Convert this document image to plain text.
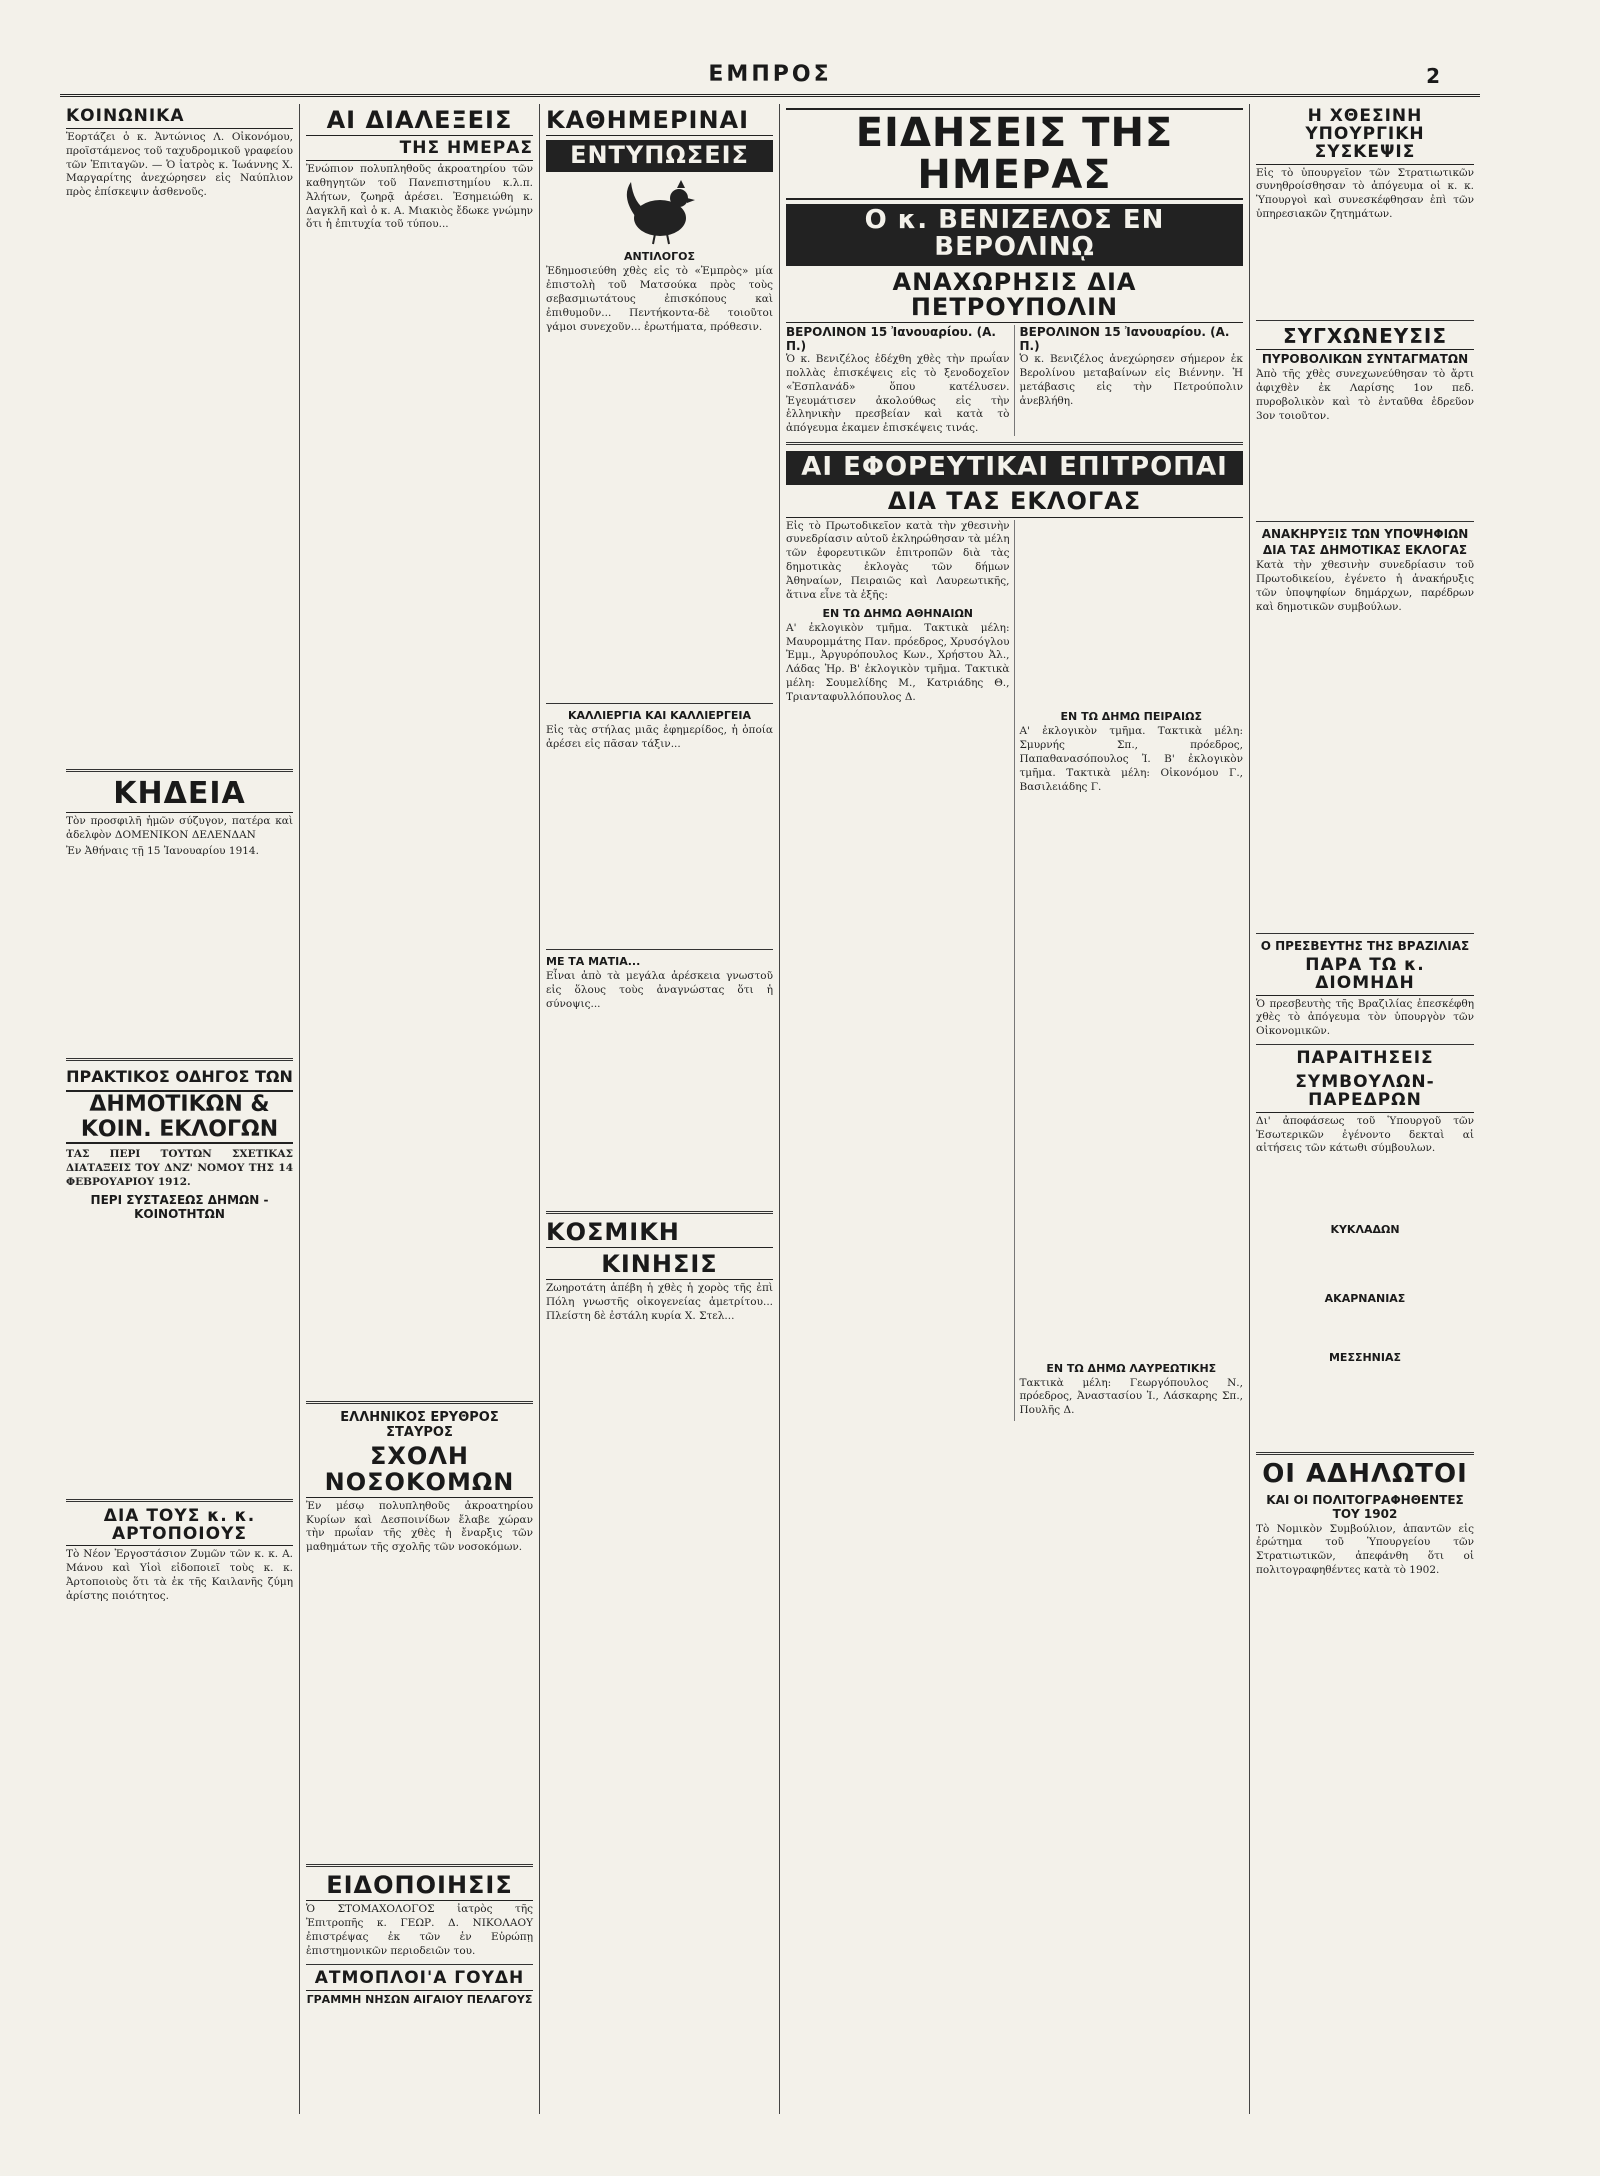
ΕΜΠΡΟΣ	2
ΚΟΙΝΩΝΙΚΑ

Ἑορτάζει ὁ κ. Ἀντώνιος Λ. Οἰκονόμου, προϊστάμενος τοῦ ταχυδρομικοῦ γραφείου τῶν Ἐπιταγῶν. — Ὁ ἰατρὸς κ. Ἰωάννης Χ. Μαργαρίτης ἀνεχώρησεν εἰς Ναύπλιον πρὸς ἐπίσκεψιν ἀσθενοῦς.

ΚΗΔΕΙΑ

Τὸν προσφιλῆ ἡμῶν σύζυγον, πατέρα καὶ ἀδελφὸν ΔΟΜΕΝΙΚΟΝ ΔΕΛΕΝΔΑΝ

Ἐν Ἀθήναις τῇ 15 Ἰανουαρίου 1914.

ΠΡΑΚΤΙΚΟΣ ΟΔΗΓΟΣ ΤΩΝ
ΔΗΜΟΤΙΚΩΝ & ΚΟΙΝ. ΕΚΛΟΓΩΝ

ΤΑΣ ΠΕΡΙ ΤΟΥΤΩΝ ΣΧΕΤΙΚΑΣ ΔΙΑΤΑΞΕΙΣ ΤΟΥ ΔΝΖ' ΝΟΜΟΥ ΤΗΣ 14 ΦΕΒΡΟΥΑΡΙΟΥ 1912.

ΠΕΡΙ ΣΥΣΤΑΣΕΩΣ ΔΗΜΩΝ - ΚΟΙΝΟΤΗΤΩΝ

ΔΙΑ ΤΟΥΣ κ. κ. ΑΡΤΟΠΟΙΟΥΣ

Τὸ Νέον Ἐργοστάσιον Ζυμῶν τῶν κ. κ. Α. Μάνου καὶ Υἱοὶ εἰδοποιεῖ τοὺς κ. κ. Ἀρτοποιοὺς ὅτι τὰ ἐκ τῆς Καιλανῆς ζύμη ἀρίστης ποιότητος.

ΑΙ ΔΙΑΛΕΞΕΙΣ
ΤΗΣ ΗΜΕΡΑΣ

Ἐνώπιον πολυπληθοῦς ἀκροατηρίου τῶν καθηγητῶν τοῦ Πανεπιστημίου κ.λ.π. Ἀλήτων, ζωηρᾷ ἀρέσει. Ἐσημειώθη κ. Δαγκλῆ καὶ ὁ κ. Α. Μιακιὸς ἔδωκε γνώμην ὅτι ἡ ἐπιτυχία τοῦ τύπου...

ΕΛΛΗΝΙΚΟΣ ΕΡΥΘΡΟΣ ΣΤΑΥΡΟΣ
ΣΧΟΛΗ ΝΟΣΟΚΟΜΩΝ

Ἐν μέσῳ πολυπληθοῦς ἀκροατηρίου Κυρίων καὶ Δεσποινίδων ἔλαβε χώραν τὴν πρωΐαν τῆς χθὲς ἡ ἔναρξις τῶν μαθημάτων τῆς σχολῆς τῶν νοσοκόμων.

ΕΙΔΟΠΟΙΗΣΙΣ

Ὁ ΣΤΟΜΑΧΟΛΟΓΟΣ ἰατρὸς τῆς Ἐπιτροπῆς κ. ΓΕΩΡ. Δ. ΝΙΚΟΛΑΟΥ ἐπιστρέψας ἐκ τῶν ἐν Εὐρώπῃ ἐπιστημονικῶν περιοδειῶν του.

ΑΤΜΟΠΛΟΙ'Α ΓΟΥΔΗ
ΓΡΑΜΜΗ ΝΗΣΩΝ ΑΙΓΑΙΟΥ ΠΕΛΑΓΟΥΣ
ΚΑΘΗΜΕΡΙΝΑΙ
ΕΝΤΥΠΩΣΕΙΣ
ΑΝΤΙΛΟΓΟΣ

Ἐδημοσιεύθη χθὲς εἰς τὸ «Ἐμπρὸς» μία ἐπιστολὴ τοῦ Ματσούκα πρὸς τοὺς σεβασμιωτάτους ἐπισκόπους καὶ ἐπιθυμοῦν... Πεντήκοντα-δὲ τοιοῦτοι γάμοι συνεχοῦν... ἐρωτήματα, πρόθεσιν.

ΚΑΛΛΙΕΡΓΙΑ ΚΑΙ ΚΑΛΛΙΕΡΓΕΙΑ

Εἰς τὰς στήλας μιᾶς ἐφημερίδος, ἡ ὁποία ἀρέσει εἰς πᾶσαν τάξιν...

ΜΕ ΤΑ ΜΑΤΙΑ...

Εἶναι ἀπὸ τὰ μεγάλα ἀρέσκεια γνωστοῦ εἰς ὅλους τοὺς ἀναγνώστας ὅτι ἡ σύνοψις...

ΚΟΣΜΙΚΗ
ΚΙΝΗΣΙΣ

Ζωηροτάτη ἀπέβη ἡ χθὲς ἡ χορὸς τῆς ἐπὶ Πόλη γνωστῆς οἰκογενείας ἀμετρίτου... Πλείστη δὲ ἐστάλη κυρία Χ. Στελ...

ΕΙΔΗΣΕΙΣ ΤΗΣ ΗΜΕΡΑΣ
Ο κ. ΒΕΝΙΖΕΛΟΣ ΕΝ ΒΕΡΟΛΙΝῼ
ΑΝΑΧΩΡΗΣΙΣ ΔΙΑ ΠΕΤΡΟΥΠΟΛΙΝ
ΒΕΡΟΛΙΝΟΝ 15 Ἰανουαρίου. (Α. Π.)

Ὁ κ. Βενιζέλος ἐδέχθη χθὲς τὴν πρωΐαν πολλὰς ἐπισκέψεις εἰς τὸ ξενοδοχεῖον «Ἐσπλανάδ» ὅπου κατέλυσεν. Ἐγευμάτισεν ἀκολούθως εἰς τὴν ἑλληνικὴν πρεσβείαν καὶ κατὰ τὸ ἀπόγευμα ἐκαμεν ἐπισκέψεις τινάς.

ΒΕΡΟΛΙΝΟΝ 15 Ἰανουαρίου. (Α. Π.)

Ὁ κ. Βενιζέλος ἀνεχώρησεν σήμερον ἐκ Βερολίνου μεταβαίνων εἰς Βιέννην. Ἡ μετάβασις εἰς τὴν Πετρούπολιν ἀνεβλήθη.

ΑΙ ΕΦΟΡΕΥΤΙΚΑΙ ΕΠΙΤΡΟΠΑΙ
ΔΙΑ ΤΑΣ ΕΚΛΟΓΑΣ

Εἰς τὸ Πρωτοδικεῖον κατὰ τὴν χθεσινὴν συνεδρίασιν αὐτοῦ ἐκληρώθησαν τὰ μέλη τῶν ἐφορευτικῶν ἐπιτροπῶν διὰ τὰς δημοτικὰς ἐκλογὰς τῶν δήμων Ἀθηναίων, Πειραιῶς καὶ Λαυρεωτικῆς, ἅτινα εἶνε τὰ ἑξῆς:

ΕΝ ΤΩ ΔΗΜΩ ΑΘΗΝΑΙΩΝ

Α' ἐκλογικὸν τμῆμα. Τακτικὰ μέλη: Μαυρομμάτης Παν. πρόεδρος, Χρυσόγλου Ἐμμ., Ἀργυρόπουλος Κων., Χρήστου Ἀλ., Λάδας Ἠρ. Β' ἐκλογικὸν τμῆμα. Τακτικὰ μέλη: Σουμελίδης Μ., Κατριάδης Θ., Τριανταφυλλόπουλος Δ.

ΕΝ ΤΩ ΔΗΜΩ ΠΕΙΡΑΙΩΣ

Α' ἐκλογικὸν τμῆμα. Τακτικὰ μέλη: Σμυρνής Σπ., πρόεδρος, Παπαθανασόπουλος Ἰ. Β' ἐκλογικὸν τμῆμα. Τακτικὰ μέλη: Οἰκονόμου Γ., Βασιλειάδης Γ.

ΕΝ ΤΩ ΔΗΜΩ ΛΑΥΡΕΩΤΙΚΗΣ

Τακτικὰ μέλη: Γεωργόπουλος Ν., πρόεδρος, Ἀναστασίου Ἰ., Λάσκαρης Σπ., Πουλῆς Δ.

Η ΧΘΕΣΙΝΗ ΥΠΟΥΡΓΙΚΗ ΣΥΣΚΕΨΙΣ

Εἰς τὸ ὑπουργεῖον τῶν Στρατιωτικῶν συνηθροίσθησαν τὸ ἀπόγευμα οἱ κ. κ. Ὑπουργοὶ καὶ συνεσκέφθησαν ἐπὶ τῶν ὑπηρεσιακῶν ζητημάτων.

ΣΥΓΧΩΝΕΥΣΙΣ
ΠΥΡΟΒΟΛΙΚΩΝ ΣΥΝΤΑΓΜΑΤΩΝ

Ἀπὸ τῆς χθὲς συνεχωνεύθησαν τὸ ἄρτι ἀφιχθὲν ἐκ Λαρίσης 1ον πεδ. πυροβολικὸν καὶ τὸ ἐνταῦθα ἑδρεῦον 3ον τοιοῦτον.

ΑΝΑΚΗΡΥΞΙΣ ΤΩΝ ΥΠΟΨΗΦΙΩΝ
ΔΙΑ ΤΑΣ ΔΗΜΟΤΙΚΑΣ ΕΚΛΟΓΑΣ

Κατὰ τὴν χθεσινὴν συνεδρίασιν τοῦ Πρωτοδικείου, ἐγένετο ἡ ἀνακήρυξις τῶν ὑποψηφίων δημάρχων, παρέδρων καὶ δημοτικῶν συμβούλων.

Ο ΠΡΕΣΒΕΥΤΗΣ ΤΗΣ ΒΡΑΖΙΛΙΑΣ
ΠΑΡΑ ΤΩ κ. ΔΙΟΜΗΔΗ

Ὁ πρεσβευτὴς τῆς Βραζιλίας ἐπεσκέφθη χθὲς τὸ ἀπόγευμα τὸν ὑπουργὸν τῶν Οἰκονομικῶν.

ΠΑΡΑΙΤΗΣΕΙΣ
ΣΥΜΒΟΥΛΩΝ-ΠΑΡΕΔΡΩΝ

Δι' ἀποφάσεως τοῦ Ὑπουργοῦ τῶν Ἐσωτερικῶν ἐγένοντο δεκταὶ αἱ αἰτήσεις τῶν κάτωθι σύμβουλων.

ΚΥΚΛΑΔΩΝ

ΑΚΑΡΝΑΝΙΑΣ

ΜΕΣΣΗΝΙΑΣ

ΟΙ ΑΔΗΛΩΤΟΙ
ΚΑΙ ΟΙ ΠΟΛΙΤΟΓΡΑΦΗΘΕΝΤΕΣ ΤΟΥ 1902

Τὸ Νομικὸν Συμβούλιον, ἀπαντῶν εἰς ἐρώτημα τοῦ Ὑπουργείου τῶν Στρατιωτικῶν, ἀπεφάνθη ὅτι οἱ πολιτογραφηθέντες κατὰ τὸ 1902.
